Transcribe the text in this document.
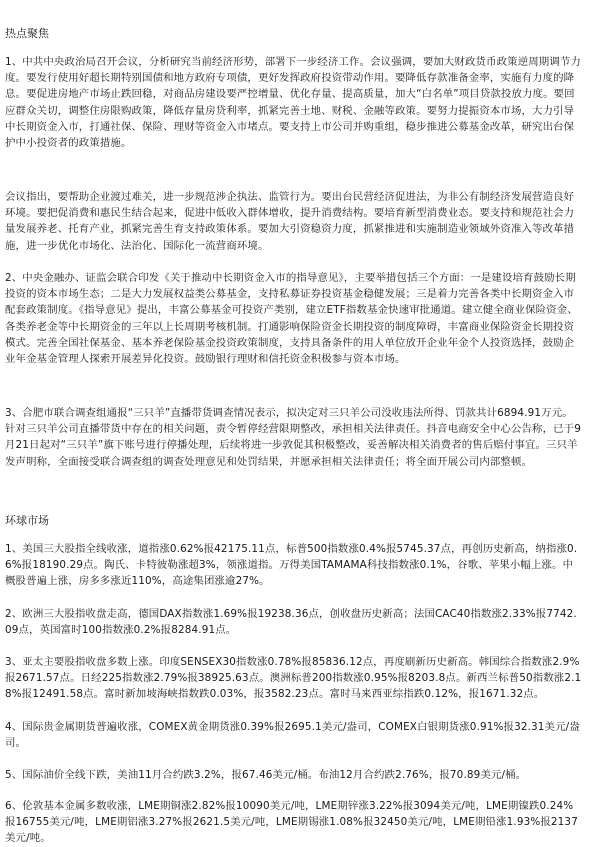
热点聚焦

1、中共中央政治局召开会议，分析研究当前经济形势，部署下一步经济工作。会议强调，要加大财政货币政策逆周期调节力度。要发行使用好超长期特别国债和地方政府专项债，更好发挥政府投资带动作用。要降低存款准备金率，实施有力度的降息。要促进房地产市场止跌回稳，对商品房建设要严控增量、优化存量、提高质量，加大“白名单”项目贷款投放力度。要回应群众关切，调整住房限购政策，降低存量房贷利率，抓紧完善土地、财税、金融等政策。要努力提振资本市场，大力引导中长期资金入市，打通社保、保险、理财等资金入市堵点。要支持上市公司并购重组，稳步推进公募基金改革，研究出台保护中小投资者的政策措施。

会议指出，要帮助企业渡过难关，进一步规范涉企执法、监管行为。要出台民营经济促进法，为非公有制经济发展营造良好环境。要把促消费和惠民生结合起来，促进中低收入群体增收，提升消费结构。要培育新型消费业态。要支持和规范社会力量发展养老、托育产业，抓紧完善生育支持政策体系。要加大引资稳资力度，抓紧推进和实施制造业领域外资准入等改革措施，进一步优化市场化、法治化、国际化一流营商环境。

2、中央金融办、证监会联合印发《关于推动中长期资金入市的指导意见》，主要举措包括三个方面：一是建设培育鼓励长期投资的资本市场生态；二是大力发展权益类公募基金，支持私募证券投资基金稳健发展；三是着力完善各类中长期资金入市配套政策制度。《指导意见》提出，丰富公募基金可投资产类别，建立ETF指数基金快速审批通道。建立健全商业保险资金、各类养老金等中长期资金的三年以上长周期考核机制。打通影响保险资金长期投资的制度障碍，丰富商业保险资金长期投资模式。完善全国社保基金、基本养老保险基金投资政策制度，支持具备条件的用人单位放开企业年金个人投资选择，鼓励企业年金基金管理人探索开展差异化投资。鼓励银行理财和信托资金积极参与资本市场。

3、合肥市联合调查组通报“三只羊”直播带货调查情况表示，拟决定对三只羊公司没收违法所得、罚款共计6894.91万元。针对三只羊公司直播带货中存在的相关问题，责令暂停经营限期整改，承担相关法律责任。抖音电商安全中心公告称，已于9月21日起对“三只羊”旗下账号进行停播处理，后续将进一步敦促其积极整改，妥善解决相关消费者的售后赔付事宜。三只羊发声明称，全面接受联合调查组的调查处理意见和处罚结果，并愿承担相关法律责任；将全面开展公司内部整顿。

环球市场

1、美国三大股指全线收涨，道指涨0.62%报42175.11点，标普500指数涨0.4%报5745.37点，再创历史新高，纳指涨0.6%报18190.29点。陶氏、卡特彼勒涨超3%，领涨道指。万得美国TAMAMA科技指数涨0.1%，谷歌、苹果小幅上涨。中概股普遍上涨，房多多涨近110%，高途集团涨逾27%。

2、欧洲三大股指收盘走高，德国DAX指数涨1.69%报19238.36点，创收盘历史新高；法国CAC40指数涨2.33%报7742.09点，英国富时100指数涨0.2%报8284.91点。

3、亚太主要股指收盘多数上涨。印度SENSEX30指数涨0.78%报85836.12点，再度刷新历史新高。韩国综合指数涨2.9%报2671.57点。日经225指数涨2.79%报38925.63点。澳洲标普200指数涨0.95%报8203.8点。新西兰标普50指数涨2.18%报12491.58点。富时新加坡海峡指数跌0.03%，报3582.23点。富时马来西亚综指跌0.12%，报1671.32点。

4、国际贵金属期货普遍收涨，COMEX黄金期货涨0.39%报2695.1美元/盎司，COMEX白银期货涨0.91%报32.31美元/盎司。

5、国际油价全线下跌，美油11月合约跌3.2%，报67.46美元/桶。布油12月合约跌2.76%，报70.89美元/桶。

6、伦敦基本金属多数收涨，LME期铜涨2.82%报10090美元/吨，LME期锌涨3.22%报3094美元/吨，LME期镍跌0.24%报16755美元/吨，LME期铝涨3.27%报2621.5美元/吨，LME期锡涨1.08%报32450美元/吨，LME期铅涨1.93%报2137美元/吨。
